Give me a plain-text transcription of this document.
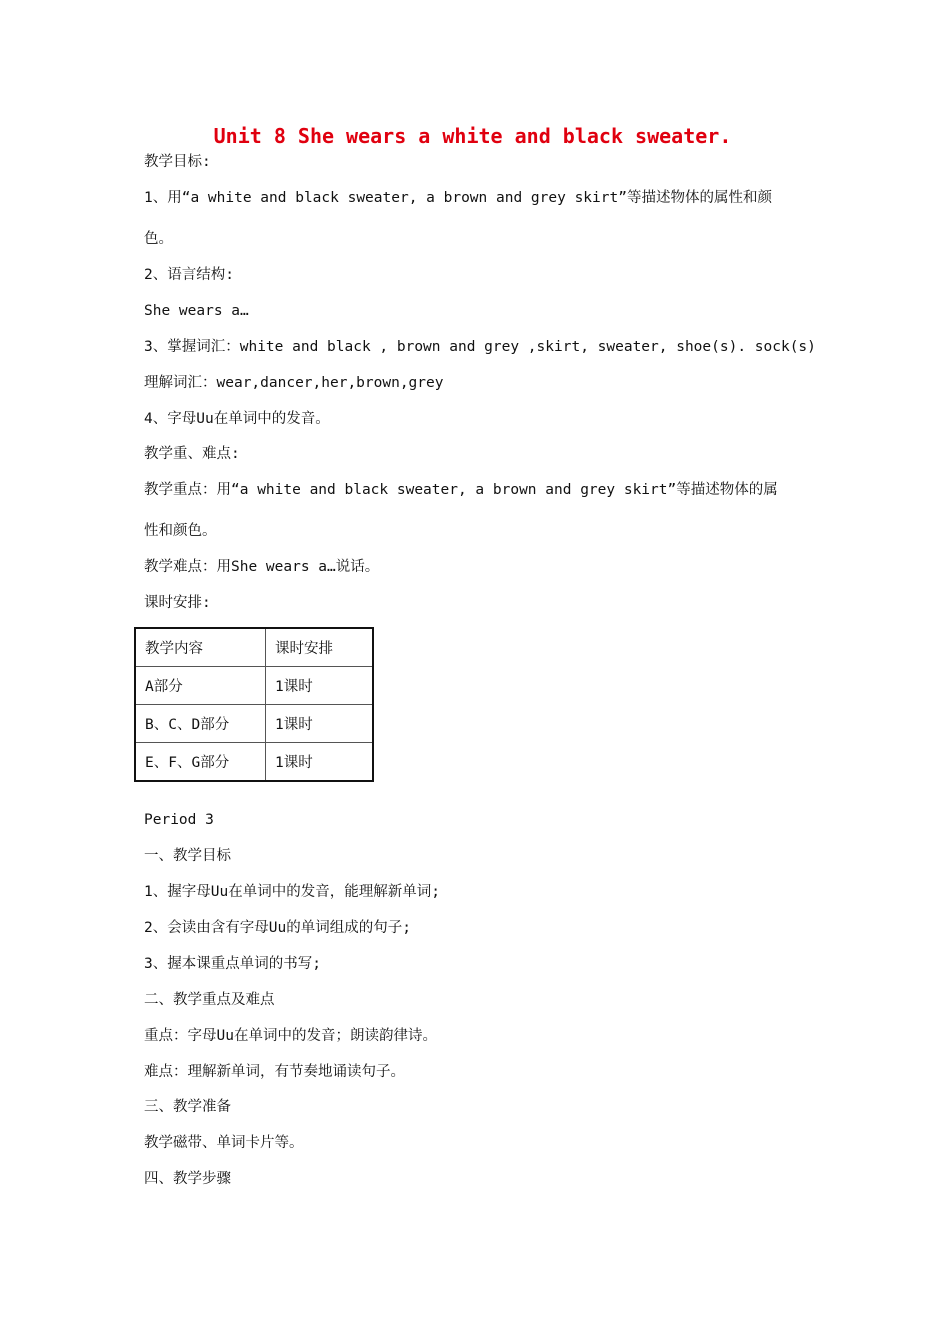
Unit 8 She wears a white and black sweater.

教学目标:

1、用“a white and black sweater, a brown and grey skirt”等描述物体的属性和颜

色。

2、语言结构:

She wears a…

3、掌握词汇：white and black , brown and grey ,skirt, sweater, shoe(s). sock(s)

理解词汇：wear,dancer,her,brown,grey

4、字母Uu在单词中的发音。

教学重、难点:

教学重点：用“a white and black sweater, a brown and grey skirt”等描述物体的属

性和颜色。

教学难点：用She wears a…说话。

课时安排:

教学内容	课时安排
A部分	1课时
B、C、D部分	1课时
E、F、G部分	1课时

Period 3

一、教学目标

1、握字母Uu在单词中的发音，能理解新单词;

2、会读由含有字母Uu的单词组成的句子;

3、握本课重点单词的书写;

二、教学重点及难点

重点：字母Uu在单词中的发音；朗读韵律诗。

难点：理解新单词，有节奏地诵读句子。

三、教学准备

教学磁带、单词卡片等。

四、教学步骤
